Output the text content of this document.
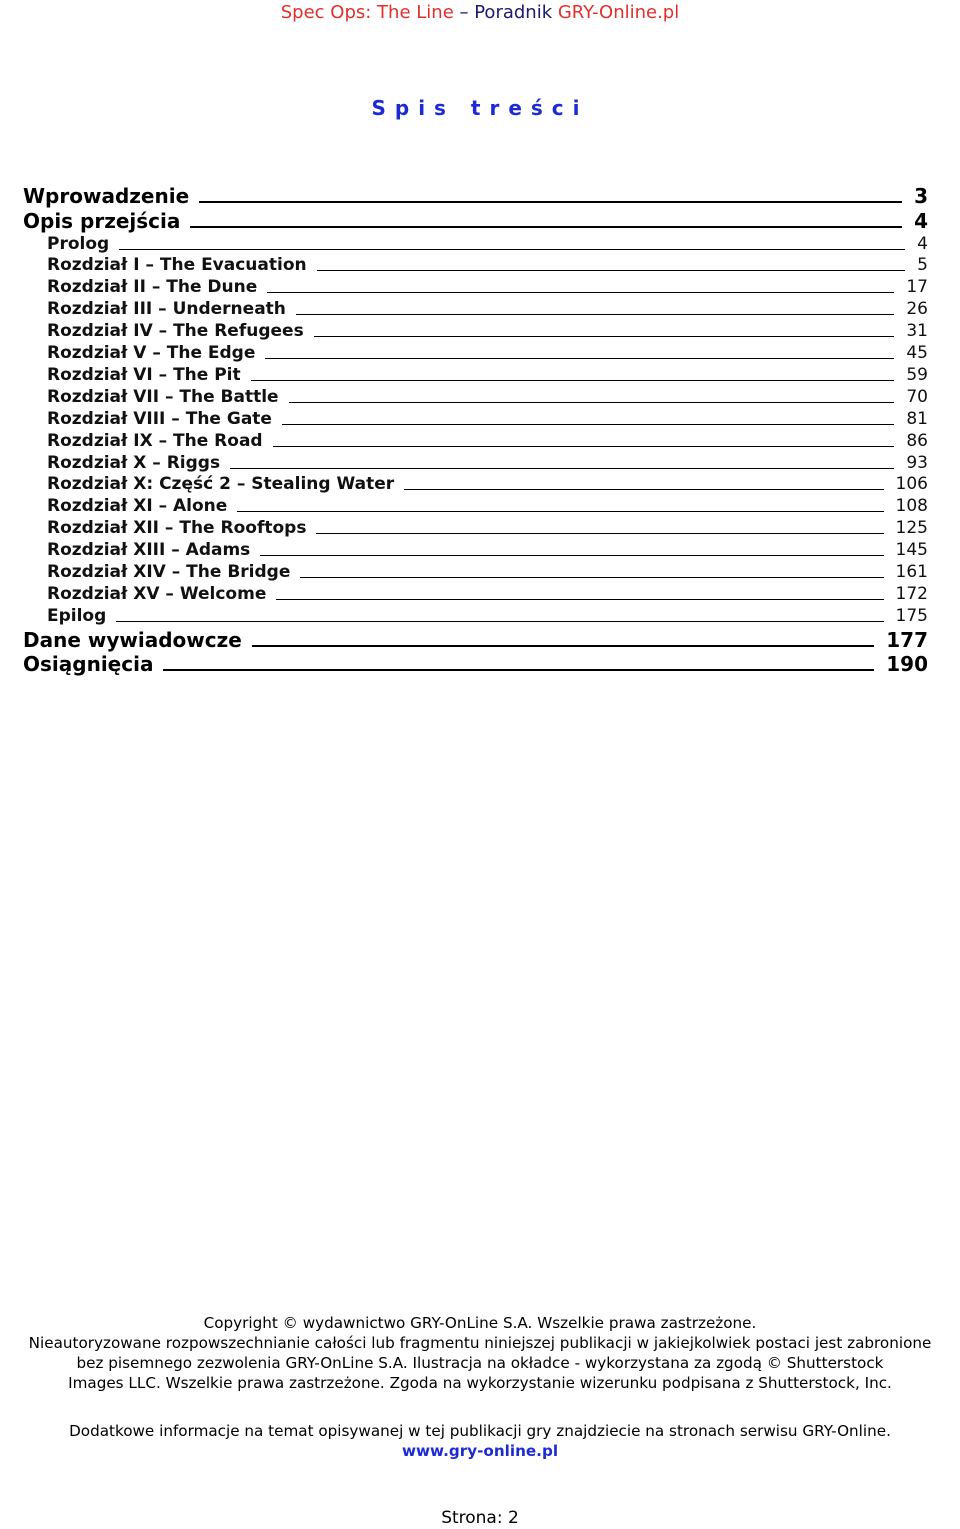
Spec Ops: The Line – Poradnik GRY-Online.pl
Spis treści
Wprowadzenie	3
Opis przejścia	4
Prolog	4
Rozdział I – The Evacuation	5
Rozdział II – The Dune	17
Rozdział III – Underneath	26
Rozdział IV – The Refugees	31
Rozdział V – The Edge	45
Rozdział VI – The Pit	59
Rozdział VII – The Battle	70
Rozdział VIII – The Gate	81
Rozdział IX – The Road	86
Rozdział X – Riggs	93
Rozdział X: Część 2 – Stealing Water	106
Rozdział XI – Alone	108
Rozdział XII – The Rooftops	125
Rozdział XIII – Adams	145
Rozdział XIV – The Bridge	161
Rozdział XV – Welcome	172
Epilog	175
Dane wywiadowcze	177
Osiągnięcia	190

Copyright © wydawnictwo GRY-OnLine S.A. Wszelkie prawa zastrzeżone.

Nieautoryzowane rozpowszechnianie całości lub fragmentu niniejszej publikacji w jakiejkolwiek postaci jest zabronione

bez pisemnego zezwolenia GRY-OnLine S.A. Ilustracja na okładce - wykorzystana za zgodą © Shutterstock

Images LLC. Wszelkie prawa zastrzeżone. Zgoda na wykorzystanie wizerunku podpisana z Shutterstock, Inc.

Dodatkowe informacje na temat opisywanej w tej publikacji gry znajdziecie na stronach serwisu GRY-Online.

www.gry-online.pl

Strona: 2
